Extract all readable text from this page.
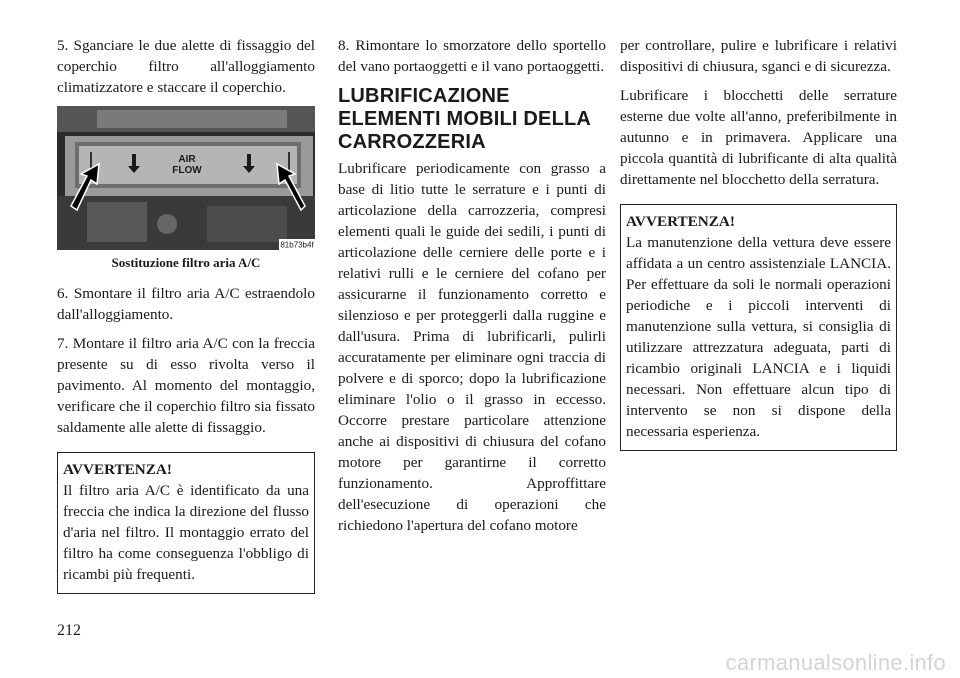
5. Sganciare le due alette di fissaggio del coperchio filtro all'alloggiamento climatizzatore e staccare il coperchio.

AIR
FLOW
81b73b4f
Sostituzione filtro aria A/C

6. Smontare il filtro aria A/C estraendolo dall'alloggiamento.

7. Montare il filtro aria A/C con la freccia presente su di esso rivolta verso il pavimento. Al momento del montaggio, verificare che il coperchio filtro sia fissato saldamente alle alette di fissaggio.

AVVERTENZA!
Il filtro aria A/C è identificato da una freccia che indica la direzione del flusso d'aria nel filtro. Il montaggio errato del filtro ha come conseguenza l'obbligo di ricambi più frequenti.

8. Rimontare lo smorzatore dello sportello del vano portaoggetti e il vano portaoggetti.

LUBRIFICAZIONE ELEMENTI MOBILI DELLA CARROZZERIA

Lubrificare periodicamente con grasso a base di litio tutte le serrature e i punti di articolazione della carrozzeria, compresi elementi quali le guide dei sedili, i punti di articolazione delle cerniere delle porte e i relativi rulli e le cerniere del cofano per assicurarne il funzionamento corretto e silenzioso e per proteggerli dalla ruggine e dall'usura. Prima di lubrificarli, pulirli accuratamente per eliminare ogni traccia di polvere e di sporco; dopo la lubrificazione eliminare l'olio o il grasso in eccesso. Occorre prestare particolare attenzione anche ai dispositivi di chiusura del cofano motore per garantirne il corretto funzionamento. Approffittare dell'esecuzione di operazioni che richiedono l'apertura del cofano motore

per controllare, pulire e lubrificare i relativi dispositivi di chiusura, sganci e di sicurezza.

Lubrificare i blocchetti delle serrature esterne due volte all'anno, preferibilmente in autunno e in primavera. Applicare una piccola quantità di lubrificante di alta qualità direttamente nel blocchetto della serratura.

AVVERTENZA!
La manutenzione della vettura deve essere affidata a un centro assistenziale LANCIA. Per effettuare da soli le normali operazioni periodiche e i piccoli interventi di manutenzione sulla vettura, si consiglia di utilizzare attrezzatura adeguata, parti di ricambio originali LANCIA e i liquidi necessari. Non effettuare alcun tipo di intervento se non si dispone della necessaria esperienza.
212
carmanualsonline.info
